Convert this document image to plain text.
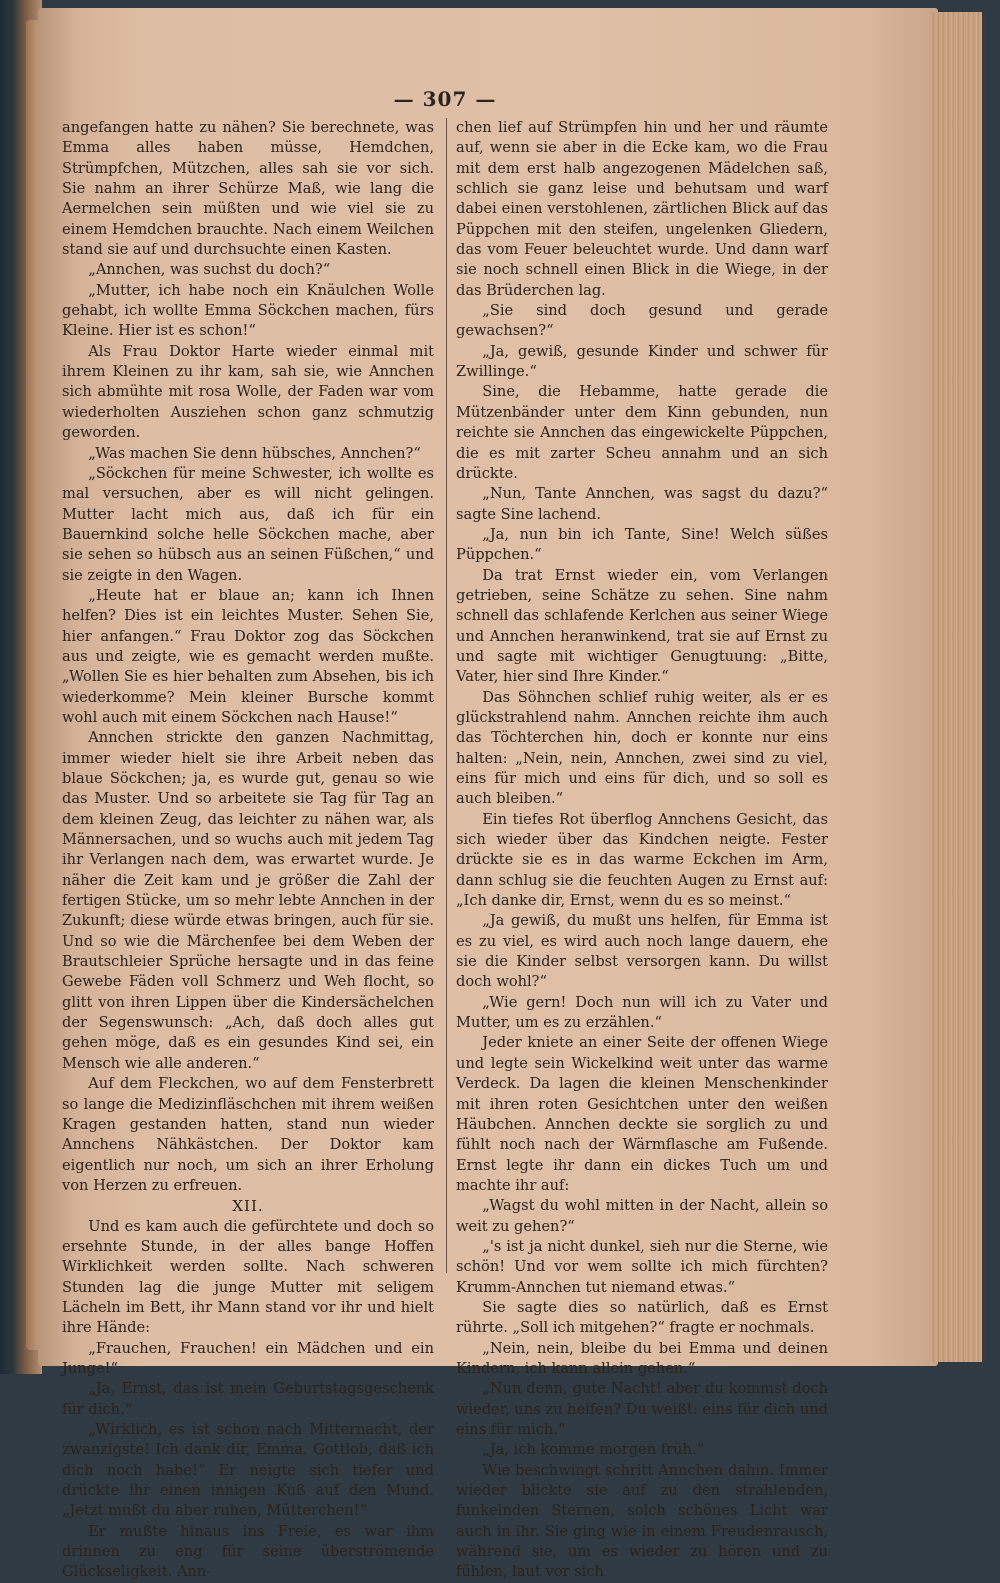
— 307 —

angefangen hatte zu nähen? Sie berechnete, was Emma alles haben müsse, Hemdchen, Strümpfchen, Mützchen, alles sah sie vor sich. Sie nahm an ihrer Schürze Maß, wie lang die Aermelchen sein müßten und wie viel sie zu einem Hemdchen brauchte. Nach einem Weilchen stand sie auf und durchsuchte einen Kasten.

„Annchen, was suchst du doch?“

„Mutter, ich habe noch ein Knäulchen Wolle gehabt, ich wollte Emma Söckchen machen, fürs Kleine. Hier ist es schon!“

Als Frau Doktor Harte wieder einmal mit ihrem Kleinen zu ihr kam, sah sie, wie Annchen sich abmühte mit rosa Wolle, der Faden war vom wiederholten Ausziehen schon ganz schmutzig geworden.

„Was machen Sie denn hübsches, Annchen?“

„Söckchen für meine Schwester, ich wollte es mal versuchen, aber es will nicht gelingen. Mutter lacht mich aus, daß ich für ein Bauernkind solche helle Söckchen mache, aber sie sehen so hübsch aus an seinen Füßchen,“ und sie zeigte in den Wagen.

„Heute hat er blaue an; kann ich Ihnen helfen? Dies ist ein leichtes Muster. Sehen Sie, hier anfangen.“ Frau Doktor zog das Söckchen aus und zeigte, wie es gemacht werden mußte. „Wollen Sie es hier behalten zum Absehen, bis ich wiederkomme? Mein kleiner Bursche kommt wohl auch mit einem Söckchen nach Hause!“

Annchen strickte den ganzen Nachmittag, immer wieder hielt sie ihre Arbeit neben das blaue Söckchen; ja, es wurde gut, genau so wie das Muster. Und so arbeitete sie Tag für Tag an dem kleinen Zeug, das leichter zu nähen war, als Männersachen, und so wuchs auch mit jedem Tag ihr Verlangen nach dem, was erwartet wurde. Je näher die Zeit kam und je größer die Zahl der fertigen Stücke, um so mehr lebte Annchen in der Zukunft; diese würde etwas bringen, auch für sie. Und so wie die Märchenfee bei dem Weben der Brautschleier Sprüche hersagte und in das feine Gewebe Fäden voll Schmerz und Weh flocht, so glitt von ihren Lippen über die Kindersächelchen der Segenswunsch: „Ach, daß doch alles gut gehen möge, daß es ein gesundes Kind sei, ein Mensch wie alle anderen.“

Auf dem Fleckchen, wo auf dem Fensterbrett so lange die Medizinfläschchen mit ihrem weißen Kragen gestanden hatten, stand nun wieder Annchens Nähkästchen. Der Doktor kam eigentlich nur noch, um sich an ihrer Erholung von Herzen zu erfreuen.

XII.

Und es kam auch die gefürchtete und doch so ersehnte Stunde, in der alles bange Hoffen Wirklichkeit werden sollte. Nach schweren Stunden lag die junge Mutter mit seligem Lächeln im Bett, ihr Mann stand vor ihr und hielt ihre Hände:

„Frauchen, Frauchen! ein Mädchen und ein Junge!“

„Ja, Ernst, das ist mein Geburtstagsgeschenk für dich.“

„Wirklich, es ist schon nach Mitternacht, der zwanzigste! Ich dank dir, Emma. Gottlob, daß ich dich noch habe!“ Er neigte sich tiefer und drückte ihr einen innigen Kuß auf den Mund. „Jetzt mußt du aber ruhen, Mütterchen!“

Er mußte hinaus ins Freie, es war ihm drinnen zu eng für seine überströmende Glückseligkeit. Ann-

chen lief auf Strümpfen hin und her und räumte auf, wenn sie aber in die Ecke kam, wo die Frau mit dem erst halb angezogenen Mädelchen saß, schlich sie ganz leise und behutsam und warf dabei einen verstohlenen, zärtlichen Blick auf das Püppchen mit den steifen, ungelenken Gliedern, das vom Feuer beleuchtet wurde. Und dann warf sie noch schnell einen Blick in die Wiege, in der das Brüderchen lag.

„Sie sind doch gesund und gerade gewachsen?“

„Ja, gewiß, gesunde Kinder und schwer für Zwillinge.“

Sine, die Hebamme, hatte gerade die Mützenbänder unter dem Kinn gebunden, nun reichte sie Annchen das eingewickelte Püppchen, die es mit zarter Scheu annahm und an sich drückte.

„Nun, Tante Annchen, was sagst du dazu?“ sagte Sine lachend.

„Ja, nun bin ich Tante, Sine! Welch süßes Püppchen.“

Da trat Ernst wieder ein, vom Verlangen getrieben, seine Schätze zu sehen. Sine nahm schnell das schlafende Kerlchen aus seiner Wiege und Annchen heranwinkend, trat sie auf Ernst zu und sagte mit wichtiger Genugtuung: „Bitte, Vater, hier sind Ihre Kinder.“

Das Söhnchen schlief ruhig weiter, als er es glückstrahlend nahm. Annchen reichte ihm auch das Töchterchen hin, doch er konnte nur eins halten: „Nein, nein, Annchen, zwei sind zu viel, eins für mich und eins für dich, und so soll es auch bleiben.“

Ein tiefes Rot überflog Annchens Gesicht, das sich wieder über das Kindchen neigte. Fester drückte sie es in das warme Eckchen im Arm, dann schlug sie die feuchten Augen zu Ernst auf: „Ich danke dir, Ernst, wenn du es so meinst.“

„Ja gewiß, du mußt uns helfen, für Emma ist es zu viel, es wird auch noch lange dauern, ehe sie die Kinder selbst versorgen kann. Du willst doch wohl?“

„Wie gern! Doch nun will ich zu Vater und Mutter, um es zu erzählen.“

Jeder kniete an einer Seite der offenen Wiege und legte sein Wickelkind weit unter das warme Verdeck. Da lagen die kleinen Menschenkinder mit ihren roten Gesichtchen unter den weißen Häubchen. Annchen deckte sie sorglich zu und fühlt noch nach der Wärmflasche am Fußende. Ernst legte ihr dann ein dickes Tuch um und machte ihr auf:

„Wagst du wohl mitten in der Nacht, allein so weit zu gehen?“

„'s ist ja nicht dunkel, sieh nur die Sterne, wie schön! Und vor wem sollte ich mich fürchten? Krumm-Annchen tut niemand etwas.“

Sie sagte dies so natürlich, daß es Ernst rührte. „Soll ich mitgehen?“ fragte er nochmals.

„Nein, nein, bleibe du bei Emma und deinen Kindern, ich kann allein gehen.“

„Nun denn, gute Nacht! aber du kommst doch wieder, uns zu helfen? Du weißt: eins für dich und eins für mich.“

„Ja, ich komme morgen früh.“

Wie beschwingt schritt Annchen dahin. Immer wieder blickte sie auf zu den strahlenden, funkelnden Sternen, solch schönes Licht war auch in ihr. Sie ging wie in einem Freudenrausch, während sie, um es wieder zu hören und zu fühlen, laut vor sich
